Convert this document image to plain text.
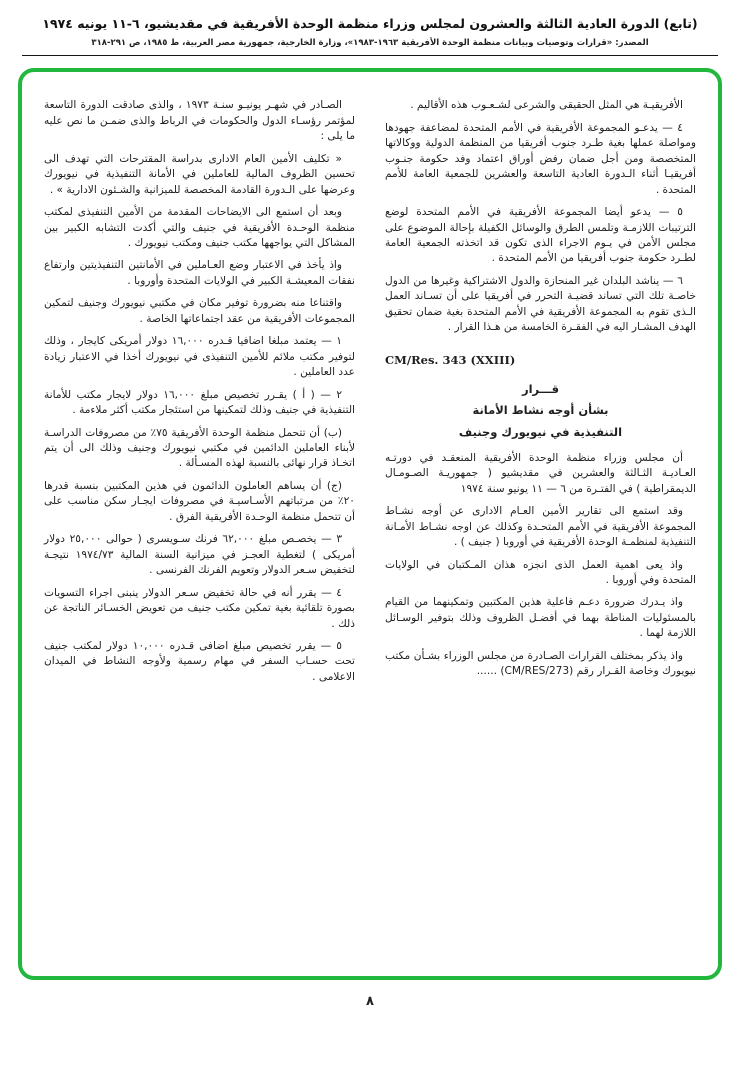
(تابع) الدورة العادية الثالثة والعشرون لمجلس وزراء منظمة الوحدة الأفريقية في مقديشيو، ٦-١١ يونيه ١٩٧٤
المصدر: «قرارات وتوصيات وبيانات منظمة الوحدة الأفريقية ١٩٦٣-١٩٨٣»، وزارة الخارجية، جمهورية مصر العربية، ط ١٩٨٥، ص ٢٩١-٣١٨

الأفريقيـة هي المثل الحقيقى والشرعى لشـعـوب هذه الأقاليم .

٤ — يدعـو المجموعة الأفريقية في الأمم المتحدة لمضاعفة جهودها ومواصلة عملها بغية طـرد جنوب أفريقيا من المنظمة الدولية ووكالاتها المتخصصة ومن أجل ضمان رفض أوراق اعتماد وفد حكومة جنـوب أفريقيـا أثناء الـدورة العادية التاسعة والعشرين للجمعية العامة للأمم المتحدة .

٥ — يدعو أيضا المجموعة الأفريقية في الأمم المتحدة لوضع الترتيبات اللازمـة وتلمس الطرق والوسائل الكفيلة بإحالة الموضوع على مجلس الأمن في يـوم الاجراء الذى تكون قد اتخذته الجمعية العامة لطـرد حكومة جنوب أفريقيا من الأمم المتحدة .

٦ — يناشد البلدان غير المنحازة والدول الاشتراكية وغيرها من الدول خاصـة تلك التي تساند قضيـة التحرر في أفريقيا على أن تسـاند العمل الـذى تقوم به المجموعة الأفريقية في الأمم المتحدة بغية ضمان تحقيق الهدف المشـار اليه في الفقـرة الخامسة من هـذا القرار .

CM/Res. 343 (XXIII)
قـــرار
بشأن أوجه نشاط الأمانة
التنفيذية في نيويورك وجنيف

أن مجلس وزراء منظمة الوحدة الأفريقية المنعقـد في دورتـه العـاديـة الثـالثة والعشرين في مقديشيو ( جمهوريـة الصـومـال الديمقراطية ) في الفتـرة من ٦ — ١١ يونيو سنة ١٩٧٤

وقد استمع الى تقارير الأمين العـام الادارى عن أوجه نشـاط المجموعة الأفريقية في الأمم المتحـدة وكذلك عن اوجه نشـاط الأمـانة التنفيذية لمنظمـة الوحدة الأفريقية في أوروبا ( جنيف ) .

واذ يعى اهمية العمل الذى انجزه هذان المـكتبان في الولايات المتحدة وفي أوروبا .

واذ يـدرك ضرورة دعـم فاعلية هذين المكتبين وتمكينهما من القيام بالمسئوليات المناطة بهما في أفضـل الظروف وذلك بتوفير الوسـائل اللازمة لهما .

واذ يذكر بمختلف القرارات الصـادرة من مجلس الوزراء بشـأن مكتب نيويورك وخاصة القـرار رقم (CM/RES/273) ......

الصـادر في شهـر يونيـو سنـة ١٩٧٣ ، والذى صادقت الدورة التاسعة لمؤتمر رؤسـاء الدول والحكومات في الرباط والذى ضمـن ما نص عليه ما يلى :

« تكليف الأمين العام الادارى بدراسة المقترحات التي تهدف الى تحسين الظروف المالية للعاملين في الأمانة التنفيذية في نيويورك وعرضها على الـدورة القادمة المخصصة للميزانية والشـئون الادارية » .

وبعد أن استمع الى الايضاحات المقدمة من الأمين التنفيذى لمكتب منظمة الوحـدة الأفريقية في جنيف والتي أكدت التشابه الكبير بين المشاكل التي يواجهها مكتب جنيف ومكتب نيويورك .

واذ يأخذ في الاعتبار وضع العـاملين في الأمانتين التنفيذيتين وارتفاع نفقات المعيشـة الكبير في الولايات المتحدة وأوروبا .

واقتناعا منه بضرورة توفير مكان في مكتبي نيويورك وجنيف لتمكين المجموعات الأفريقية من عقد اجتماعاتها الخاصة .

١ — يعتمد مبلغا اضافيا قـدره ١٦,٠٠٠ دولار أمريكى كايجار ، وذلك لتوفير مكتب ملائم للأمين التنفيذى في نيويورك أخذا في الاعتبار زيادة عدد العاملين .

٢ — ( أ ) يقـرر تخصيص مبلغ ١٦,٠٠٠ دولار لايجار مكتب للأمانة التنفيذية في جنيف وذلك لتمكينها من استئجار مكتب أكثر ملاءمة .

(ب) أن تتحمل منظمة الوحدة الأفريقية ٧٥٪ من مصروفات الدراسـة لأبناء العاملين الدائمين في مكتبي نيويورك وجنيف وذلك الى أن يتم اتخـاذ قرار نهائى بالنسبة لهذه المسـألة .

(ج) أن يساهم العاملون الدائمون في هذين المكتبين بنسبة قدرها ٢٠٪ من مرتباتهم الأسـاسيـة في مصروفات ايجـار سكن مناسب على أن تتحمل منظمة الوحـدة الأفريقية الفرق .

٣ — يخصـص مبلغ ٦٢,٠٠٠ فرنك سـويسرى ( حوالى ٢٥,٠٠٠ دولار أمريكى ) لتغطية العجـز في ميزانية السنة المالية ١٩٧٤/٧٣ نتيجـة لتخفيض سـعر الدولار وتعويم الفرنك الفرنسى .

٤ — يقرر أنه في حالة تخفيض سـعر الدولار ينبنى اجراء التسويات بصورة تلقائية بغية تمكين مكتب جنيف من تعويض الخسـائر الناتجة عن ذلك .

٥ — يقرر تخصيص مبلغ اضافى قـدره ١٠,٠٠٠ دولار لمكتب جنيف تحت حسـاب السفر في مهام رسمية ولأوجه النشاط في الميدان الاعلامى .

٨
